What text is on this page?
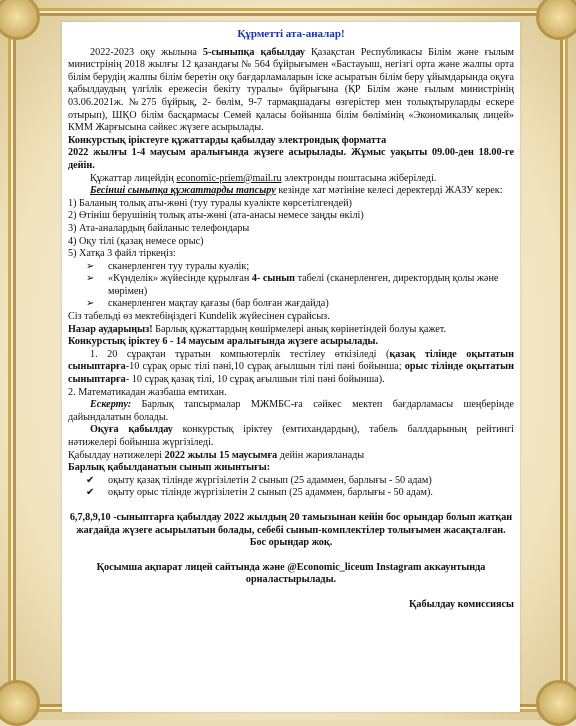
Құрметті ата-аналар!

2022-2023 оқу жылына 5-сыныпқа қабылдау Қазақстан Республикасы Білім және ғылым министрінің 2018 жылғы 12 қазандағы № 564 бұйрығымен «Бастауыш, негізгі орта және жалпы орта білім берудің жалпы білім беретін оқу бағдарламаларын іске асыратын білім беру ұйымдарында оқуға қабылдаудың үлгілік ережесін бекіту туралы» бұйрығына (ҚР Білім және ғылым министрінің 03.06.2021ж. №275 бұйрық, 2- бөлім, 9-7 тармақшадағы өзгерістер мен толықтыруларды ескере отырып), ШҚО білім басқармасы Семей қаласы бойынша білім бөлімінің «Экономикалық лицей» КММ Жарғысына сәйкес жүзеге асырылады.

Конкурстық іріктеуге құжаттарды қабылдау электрондық форматта

2022 жылғы 1-4 маусым аралығында жүзеге асырылады. Жұмыс уақыты 09.00-ден 18.00-ге дейін.

Құжаттар лицейдің economic-priem@mail.ru электронды поштасына жіберіледі.

Бесінші сыныпқа құжаттарды тапсыру кезінде хат мәтініне келесі деректерді ЖАЗУ керек:

1) Баланың толық аты-жөні (туу туралы куәлікте көрсетілгендей)

2) Өтініш берушінің толық аты-жөні (ата-анасы немесе заңды өкілі)

3) Ата-аналардың байланыс телефондары

4) Оқу тілі (қазақ немесе орыс)

5) Хатқа 3 файл тіркеңіз:

➢ сканерленген туу туралы куәлік;
➢ «Күнделік» жүйесінде құрылған 4- сынып табелі (сканерленген, директордың қолы және мөрімен)
➢ сканерленген мақтау қағазы (бар болған жағдайда)

Сіз табельді өз мектебіңіздегі Kundelik жүйесінен сұрайсыз.

Назар аударыңыз! Барлық құжаттардың көшірмелері анық көрінетіндей болуы қажет.

Конкурстық іріктеу 6 - 14 маусым аралығында жүзеге асырылады.

1. 20 сұрақтан тұратын компьютерлік тестілеу өткізіледі (қазақ тілінде оқытатын сыныптарға-10 сұрақ орыс тілі пәні,10 сұрақ ағылшын тілі пәні бойынша; орыс тілінде оқытатын сыныптарға- 10 сұрақ қазақ тілі, 10 сұрақ ағылшын тілі пәні бойынша).

2. Математикадан жазбаша емтихан.

Ескерту: Барлық тапсырмалар МЖМБС-ға сәйкес мектеп бағдарламасы шеңберінде дайындалатын болады.

Оқуға қабылдау конкурстық іріктеу (емтихандардың), табель баллдарының рейтингі нәтижелері бойынша жүргізіледі.

Қабылдау нәтижелері 2022 жылы 15 маусымға дейін жарияланады

Барлық қабылданатын сынып жиынтығы:

✔ оқыту қазақ тілінде жүргізілетін 2 сынып (25 адаммен, барлығы - 50 адам)
✔ оқыту орыс тілінде жүргізілетін 2 сынып (25 адаммен, барлығы - 50 адам).

6,7,8,9,10 -сыныптарға қабылдау 2022 жылдың 20 тамызынан кейін бос орындар болып жатқан жағдайда жүзеге асырылатын болады, себебі сынып-комплектілер толығымен жасақталған. Бос орындар жоқ.

Қосымша ақпарат лицей сайтында және @Economic_liceum Instagram аккаунтында орналастырылады.

Қабылдау комиссиясы
